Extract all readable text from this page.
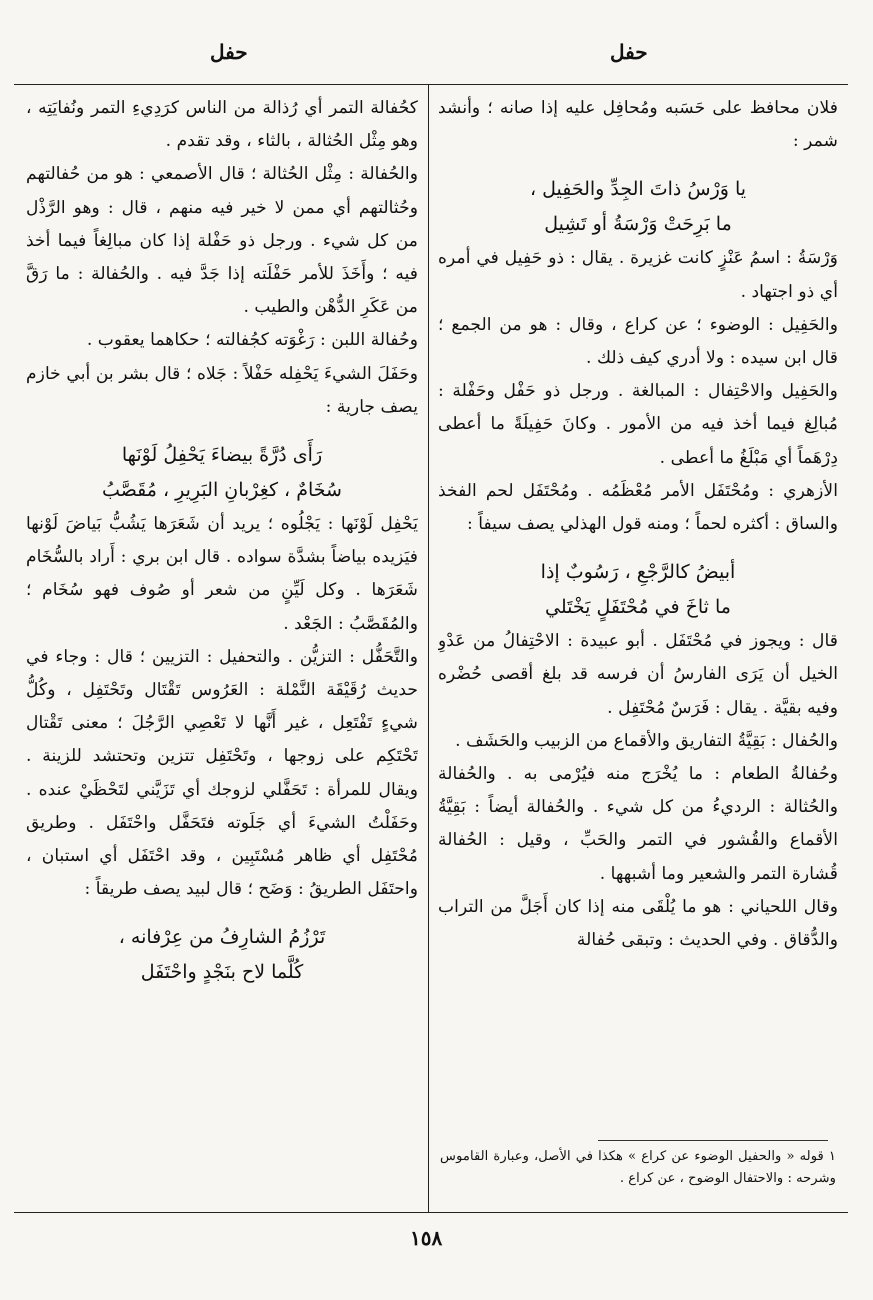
حفل
حفل

فلان محافظ على حَسَبه ومُحافِل عليه إذا صانه ؛ وأنشد شمر :

يا وَرْسُ ذاتَ الجِدِّ والحَفِيل ،
ما بَرِحَتْ وَرْسَةُ أو تَشِيل

وَرْسَةُ : اسمُ عَنْزٍ كانت غزيرة . يقال : ذو حَفِيل في أمره أي ذو اجتهاد .

والحَفِيل : الوضوء ؛ عن كراع ، وقال : هو من الجمع ؛ قال ابن سيده : ولا أدري كيف ذلك .

والحَفِيل والاحْتِفال : المبالغة . ورجل ذو حَفْل وحَفْلة : مُبالِغ فيما أخذ فيه من الأمور . وكانَ حَفِيلَةً ما أعطى دِرْهَماً أي مَبْلَغُ ما أعطى .

الأزهري : ومُحْتَفَل الأمر مُعْظَمُه . ومُحْتَفَل لحم الفخذ والساق : أكثره لحماً ؛ ومنه قول الهذلي يصف سيفاً :

أبيضُ كالرَّجْعِ ، رَسُوبٌ إذا
ما ثاخَ في مُحْتَفَلٍ يَخْتَلي

قال : ويجوز في مُحْتَفَل . أبو عبيدة : الاحْتِفالُ من عَدْوِ الخيل أن يَرَى الفارسُ أن فرسه قد بلغ أقصى حُضْره وفيه بقيَّة . يقال : فَرَسٌ مُحْتَفِل .

والحُفال : بَقِيَّةُ التفاريق والأقماع من الزبيب والحَشَف .

وحُفالةُ الطعام : ما يُخْرَج منه فيُرْمى به . والحُفالة والحُثالة : الرديءُ من كل شيء . والحُفالة أيضاً : بَقِيَّةُ الأقماع والقُشور في التمر والحَبِّ ، وقيل : الحُفالة قُشارة التمر والشعير وما أشبهها .

وقال اللحياني : هو ما يُلْقَى منه إذا كان أَجَلَّ من التراب والدُّقاق . وفي الحديث : وتبقى حُفالة

كحُفالة التمر أي رُذالة من الناس كرَدِيءِ التمر ونُفايَتِه ، وهو مِثْل الحُثالة ، بالثاء ، وقد تقدم .

والحُفالة : مِثْل الحُثالة ؛ قال الأصمعي : هو من حُفالتهم وحُثالتهم أي ممن لا خير فيه منهم ، قال : وهو الرَّذْل من كل شيء . ورجل ذو حَفْلة إذا كان مبالِغاً فيما أخذ فيه ؛ وأَخَذَ للأمر حَفْلَته إذا جَدَّ فيه . والحُفالة : ما رَقَّ من عَكَرِ الدُّهْن والطيب .

وحُفالة اللبن : رَغْوَته كجُفالته ؛ حكاهما يعقوب .

وحَفَلَ الشيءَ يَحْفِله حَفْلاً : جَلاه ؛ قال بشر بن أبي خازم يصف جارية :

رَأَى دُرَّةً بيضاءَ يَحْفِلُ لَوْنَها
سُخَامٌ ، كغِرْبانِ البَرِيرِ ، مُقَصَّبُ

يَحْفِل لَوْنَها : يَجْلُوه ؛ يريد أن شَعَرَها يَشُبُّ بَياضَ لَوْنها فيَزيده بياضاً بشدَّة سواده . قال ابن بري : أَراد بالسُّخَام شَعَرَها . وكل لَيِّنٍ من شعر أو صُوف فهو سُخَام ؛ والمُقَصَّبُ : الجَعْد .

والتَّحَفُّل : التزيُّن . والتحفيل : التزيين ؛ قال : وجاء في حديث رُقَيْقَة النَّمْلة : العَرُوس تَقْتَال وتَحْتَفِل ، وكُلُّ شيءٍ تَفْتَعِل ، غير أَنَّها لا تَعْصِي الرَّجُلَ ؛ معنى تَقْتال تَحْتَكِم على زوجها ، وتَحْتَفِل تتزين وتحتشد للزينة . ويقال للمرأة : تَحَفَّلي لزوجك أي تَزَيَّني لتَحْظَيْ عنده . وحَفَلْتُ الشيءَ أي جَلَوته فتَحَفَّل واحْتَفَل . وطريق مُحْتَفِل أي ظاهر مُسْتَبِين ، وقد احْتَفَل أي استبان ، واحتَفَل الطريقُ : وَضَح ؛ قال لبيد يصف طريقاً :

تَرْزُمُ الشارِفُ من عِرْفانه ،
كُلَّما لاح بنَجْدٍ واحْتَفَل
١ قوله « والحفيل الوضوء عن كراع » هكذا في الأصل، وعبارة القاموس وشرحه : والاحتفال الوضوح ، عن كراع .
١٥٨
